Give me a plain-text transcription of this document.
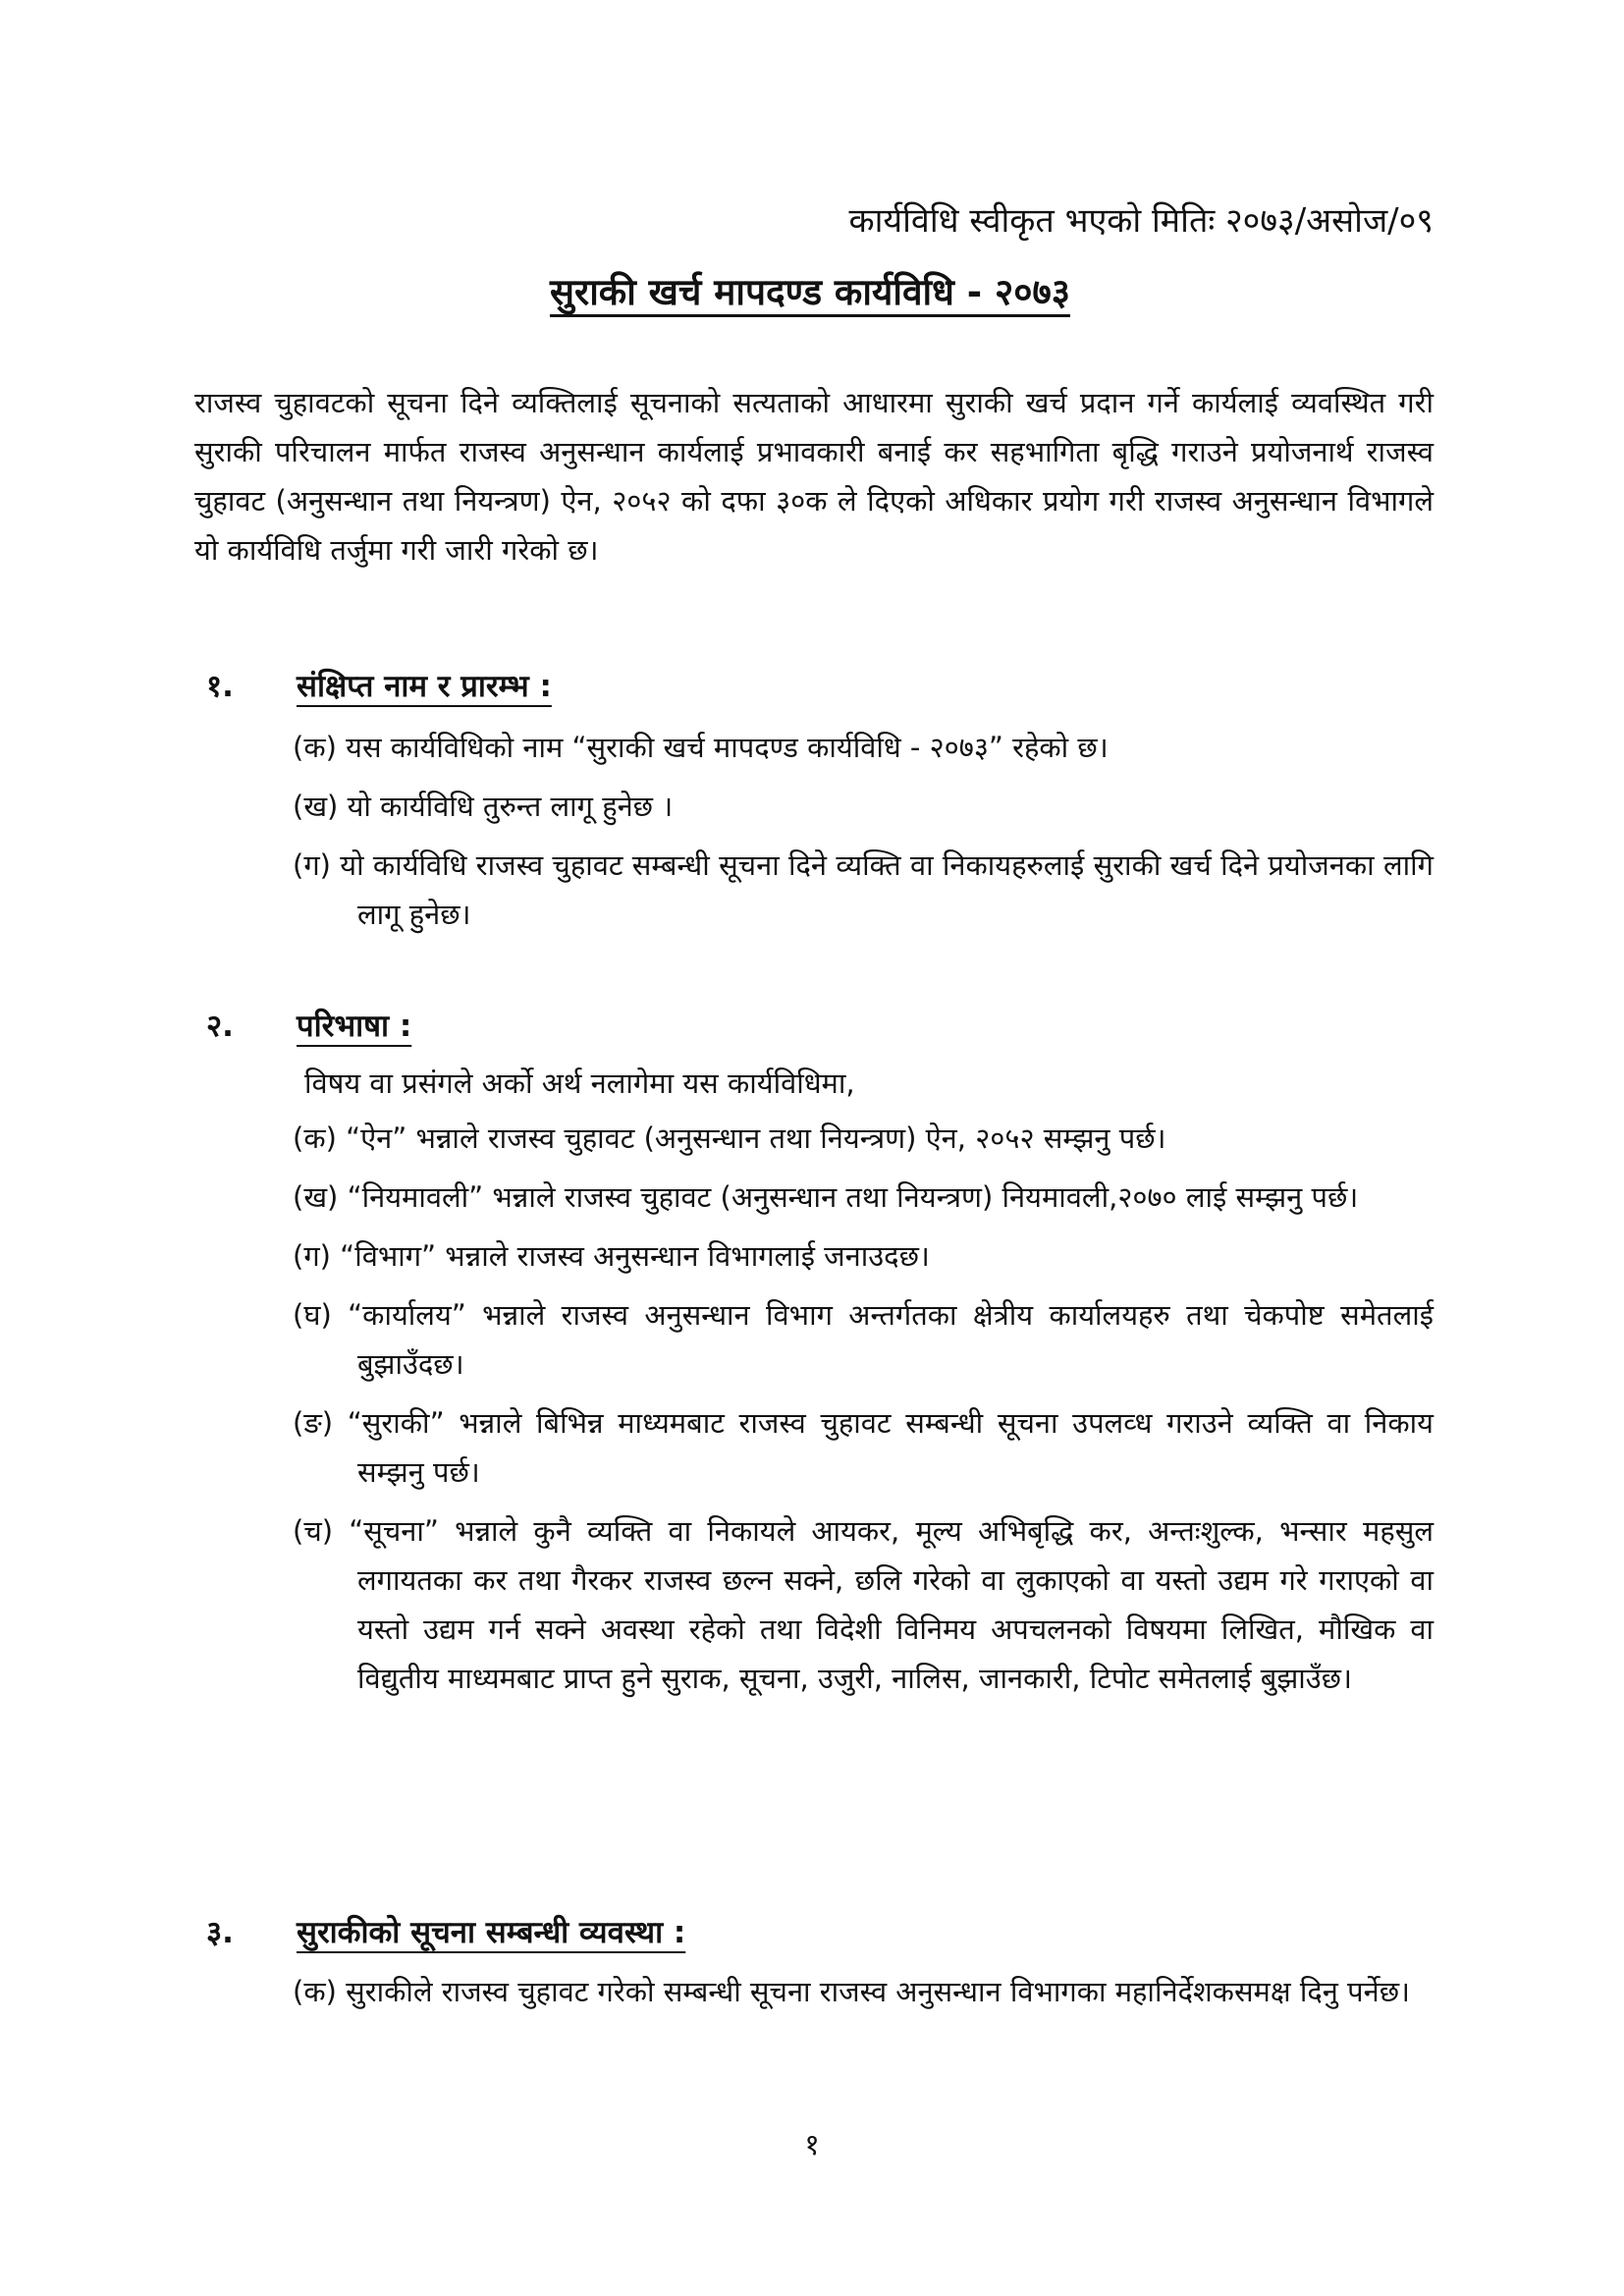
कार्यविधि स्वीकृत भएको मितिः २०७३/असोज/०९
सुराकी खर्च मापदण्ड कार्यविधि - २०७३
राजस्व चुहावटको सूचना दिने व्यक्तिलाई सूचनाको सत्यताको आधारमा सुराकी खर्च प्रदान गर्ने कार्यलाई व्यवस्थित गरी सुराकी परिचालन मार्फत राजस्व अनुसन्धान कार्यलाई प्रभावकारी बनाई कर सहभागिता बृद्धि गराउने प्रयोजनार्थ राजस्व चुहावट (अनुसन्धान तथा नियन्त्रण) ऐन, २०५२ को दफा ३०क ले दिएको अधिकार प्रयोग गरी राजस्व अनुसन्धान विभागले यो कार्यविधि तर्जुमा गरी जारी गरेको छ।
१. संक्षिप्त नाम र प्रारम्भ :
(क) यस कार्यविधिको नाम “सुराकी खर्च मापदण्ड कार्यविधि - २०७३” रहेको छ।
(ख) यो कार्यविधि तुरुन्त लागू हुनेछ ।
(ग) यो कार्यविधि राजस्व चुहावट सम्बन्धी सूचना दिने व्यक्ति वा निकायहरुलाई सुराकी खर्च दिने प्रयोजनका लागि लागू हुनेछ।
२. परिभाषा :
विषय वा प्रसंगले अर्को अर्थ नलागेमा यस कार्यविधिमा,
(क) “ऐन” भन्नाले राजस्व चुहावट (अनुसन्धान तथा नियन्त्रण) ऐन, २०५२ सम्झनु पर्छ।
(ख) “नियमावली” भन्नाले राजस्व चुहावट (अनुसन्धान तथा नियन्त्रण) नियमावली,२०७० लाई सम्झनु पर्छ।
(ग) “विभाग” भन्नाले राजस्व अनुसन्धान विभागलाई जनाउदछ।
(घ) “कार्यालय” भन्नाले राजस्व अनुसन्धान विभाग अन्तर्गतका क्षेत्रीय कार्यालयहरु तथा चेकपोष्ट समेतलाई बुझाउँदछ।
(ङ) “सुराकी” भन्नाले बिभिन्न माध्यमबाट राजस्व चुहावट सम्बन्धी सूचना उपलव्ध गराउने व्यक्ति वा निकाय सम्झनु पर्छ।
(च) “सूचना” भन्नाले कुनै व्यक्ति वा निकायले आयकर, मूल्य अभिबृद्धि कर, अन्तःशुल्क, भन्सार महसुल लगायतका कर तथा गैरकर राजस्व छल्न सक्ने, छलि गरेको वा लुकाएको वा यस्तो उद्यम गरे गराएको वा यस्तो उद्यम गर्न सक्ने अवस्था रहेको तथा विदेशी विनिमय अपचलनको विषयमा लिखित, मौखिक वा विद्युतीय माध्यमबाट प्राप्त हुने सुराक, सूचना, उजुरी, नालिस, जानकारी, टिपोट समेतलाई बुझाउँछ।
३. सुराकीको सूचना सम्बन्धी व्यवस्था :
(क) सुराकीले राजस्व चुहावट गरेको सम्बन्धी सूचना राजस्व अनुसन्धान विभागका महानिर्देशकसमक्ष दिनु पर्नेछ।
१
